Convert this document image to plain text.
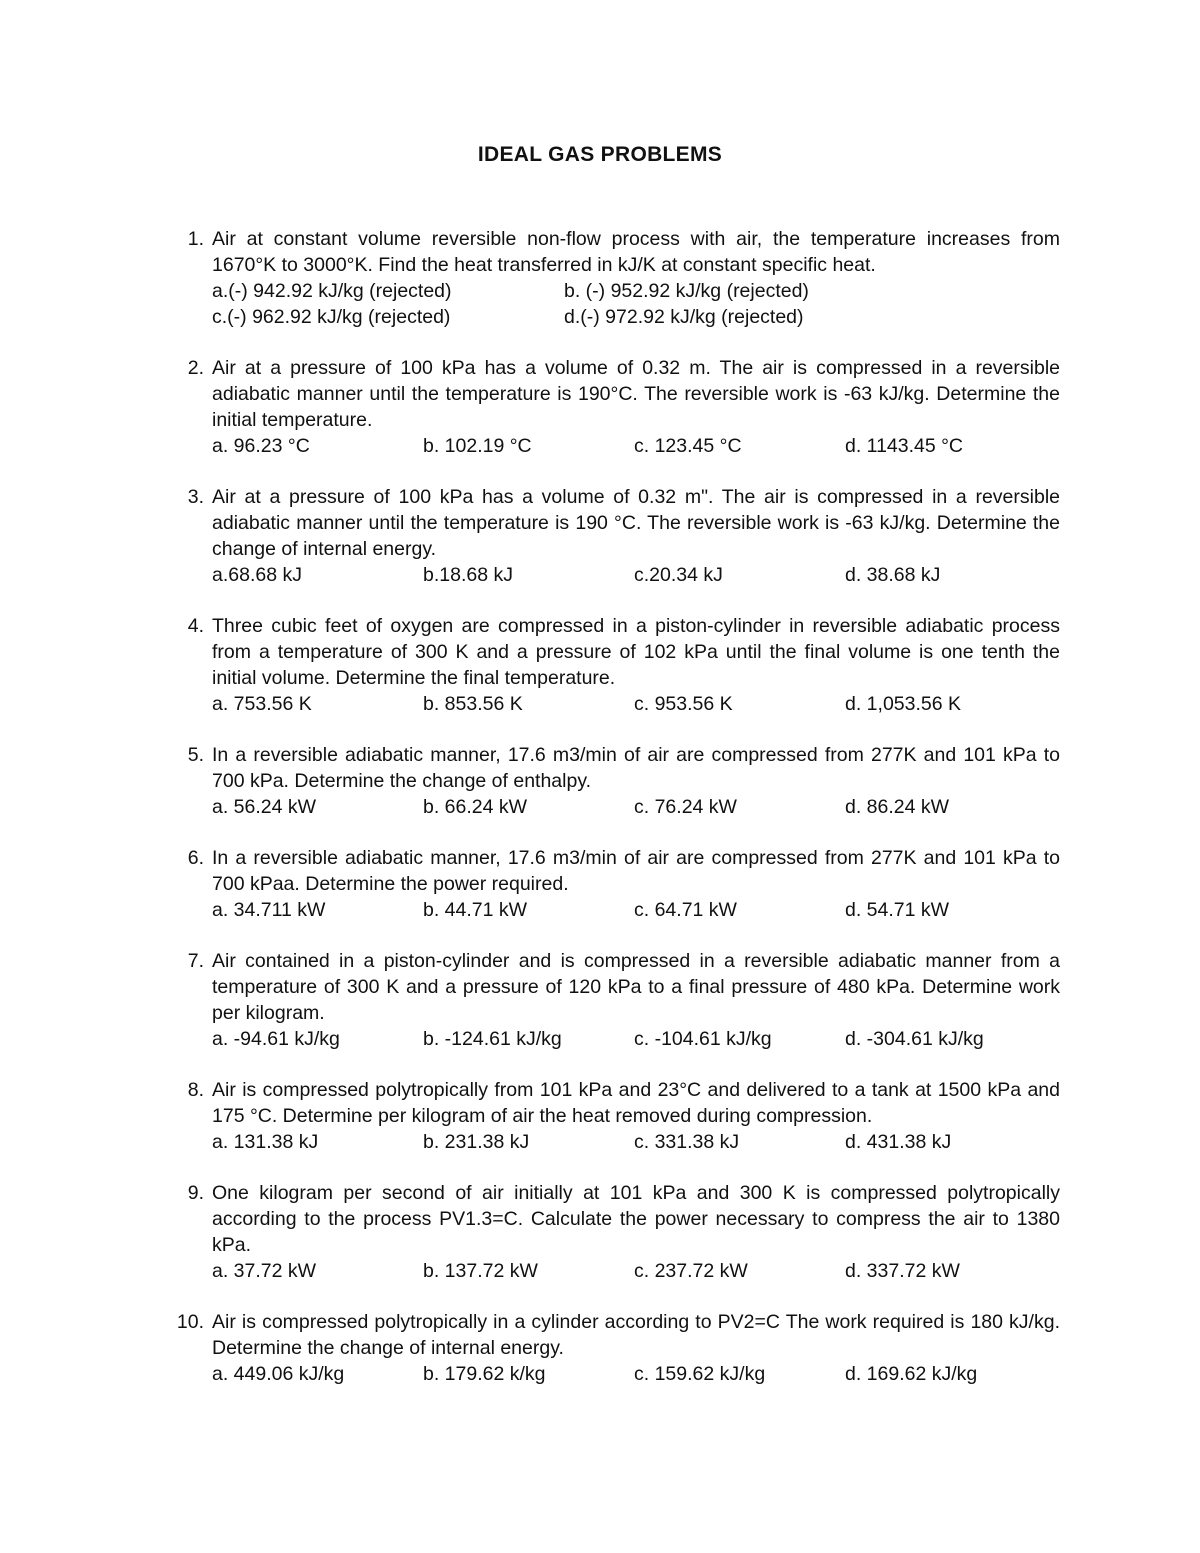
IDEAL GAS PROBLEMS
1. Air at constant volume reversible non-flow process with air, the temperature increases from 1670°K to 3000°K. Find the heat transferred in kJ/K at constant specific heat.
a.(-) 942.92 kJ/kg (rejected)	b. (-) 952.92 kJ/kg (rejected)
c.(-) 962.92 kJ/kg (rejected)	d.(-) 972.92 kJ/kg (rejected)
2. Air at a pressure of 100 kPa has a volume of 0.32 m. The air is compressed in a reversible adiabatic manner until the temperature is 190°C. The reversible work is -63 kJ/kg. Determine the initial temperature.
a. 96.23 °C	b. 102.19 °C	c. 123.45 °C	d. 1143.45 °C
3. Air at a pressure of 100 kPa has a volume of 0.32 m". The air is compressed in a reversible adiabatic manner until the temperature is 190 °C. The reversible work is -63 kJ/kg. Determine the change of internal energy.
a.68.68 kJ	b.18.68 kJ	c.20.34 kJ	d. 38.68 kJ
4. Three cubic feet of oxygen are compressed in a piston-cylinder in reversible adiabatic process from a temperature of 300 K and a pressure of 102 kPa until the final volume is one tenth the initial volume. Determine the final temperature.
a. 753.56 K	b. 853.56 K	c. 953.56 K	d. 1,053.56 K
5. In a reversible adiabatic manner, 17.6 m3/min of air are compressed from 277K and 101 kPa to 700 kPa. Determine the change of enthalpy.
a. 56.24 kW	b. 66.24 kW	c. 76.24 kW	d. 86.24 kW
6. In a reversible adiabatic manner, 17.6 m3/min of air are compressed from 277K and 101 kPa to 700 kPaa. Determine the power required.
a. 34.711 kW	b. 44.71 kW	c. 64.71 kW	d. 54.71 kW
7. Air contained in a piston-cylinder and is compressed in a reversible adiabatic manner from a temperature of 300 K and a pressure of 120 kPa to a final pressure of 480 kPa. Determine work per kilogram.
a. -94.61 kJ/kg	b. -124.61 kJ/kg	c. -104.61 kJ/kg	d. -304.61 kJ/kg
8. Air is compressed polytropically from 101 kPa and 23°C and delivered to a tank at 1500 kPa and 175 °C. Determine per kilogram of air the heat removed during compression.
a. 131.38 kJ	b. 231.38 kJ	c. 331.38 kJ	d. 431.38 kJ
9. One kilogram per second of air initially at 101 kPa and 300 K is compressed polytropically according to the process PV1.3=C. Calculate the power necessary to compress the air to 1380 kPa.
a. 37.72 kW	b. 137.72 kW	c. 237.72 kW	d. 337.72 kW
10. Air is compressed polytropically in a cylinder according to PV2=C The work required is 180 kJ/kg. Determine the change of internal energy.
a. 449.06 kJ/kg	b. 179.62 k/kg	c. 159.62 kJ/kg	d. 169.62 kJ/kg
